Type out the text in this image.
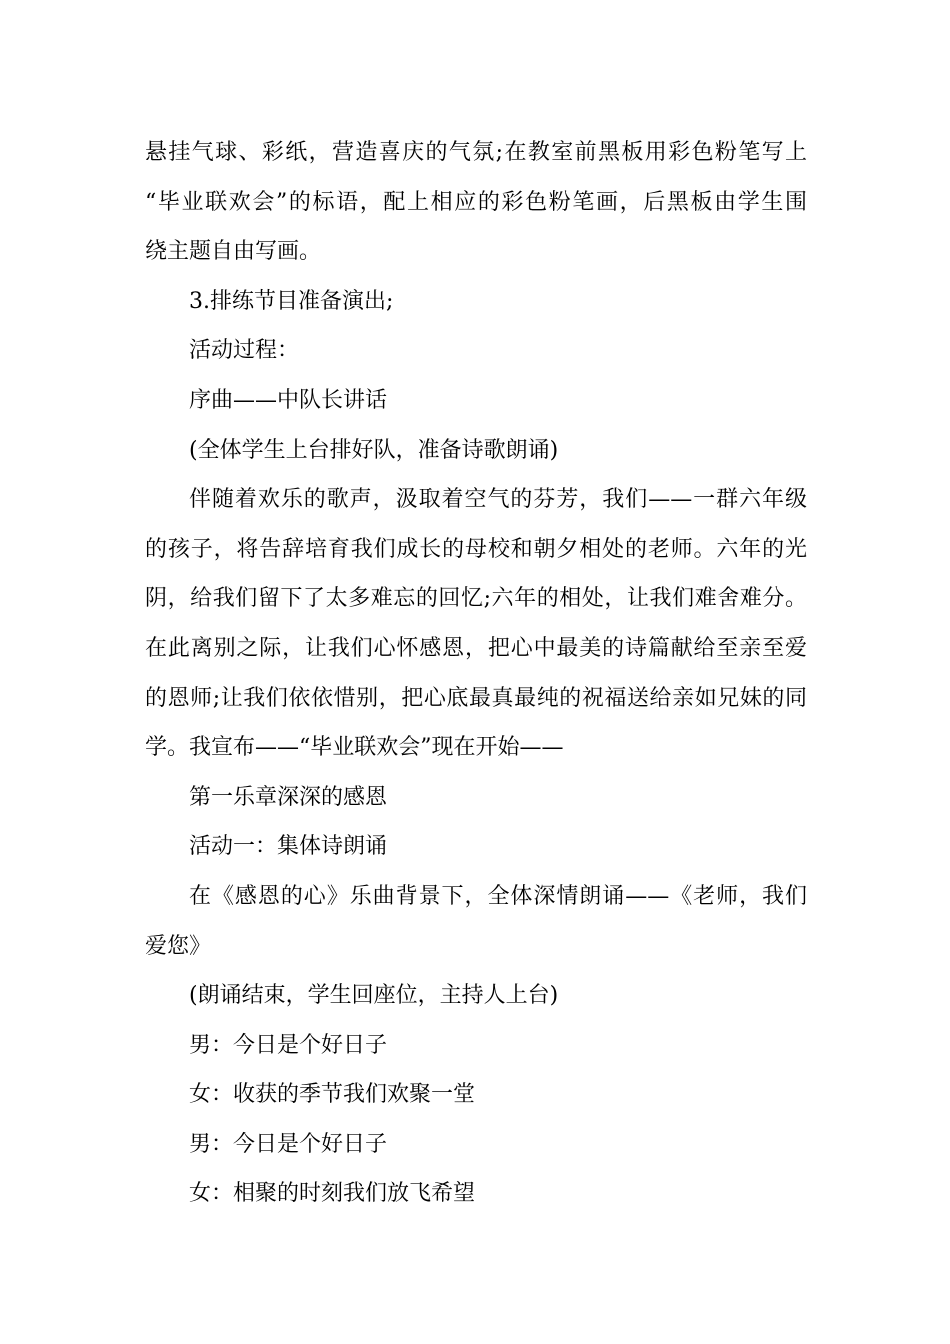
悬挂气球、彩纸，营造喜庆的气氛;在教室前黑板用彩色粉笔写上
“毕业联欢会”的标语，配上相应的彩色粉笔画，后黑板由学生围
绕主题自由写画。
3.排练节目准备演出;
活动过程：
序曲——中队长讲话
(全体学生上台排好队，准备诗歌朗诵)
伴随着欢乐的歌声，汲取着空气的芬芳，我们——一群六年级
的孩子，将告辞培育我们成长的母校和朝夕相处的老师。六年的光
阴，给我们留下了太多难忘的回忆;六年的相处，让我们难舍难分。
在此离别之际，让我们心怀感恩，把心中最美的诗篇献给至亲至爱
的恩师;让我们依依惜别，把心底最真最纯的祝福送给亲如兄妹的同
学。我宣布——“毕业联欢会”现在开始——
第一乐章深深的感恩
活动一：集体诗朗诵
在《感恩的心》乐曲背景下，全体深情朗诵——《老师，我们
爱您》
(朗诵结束，学生回座位，主持人上台)
男：今日是个好日子
女：收获的季节我们欢聚一堂
男：今日是个好日子
女：相聚的时刻我们放飞希望
